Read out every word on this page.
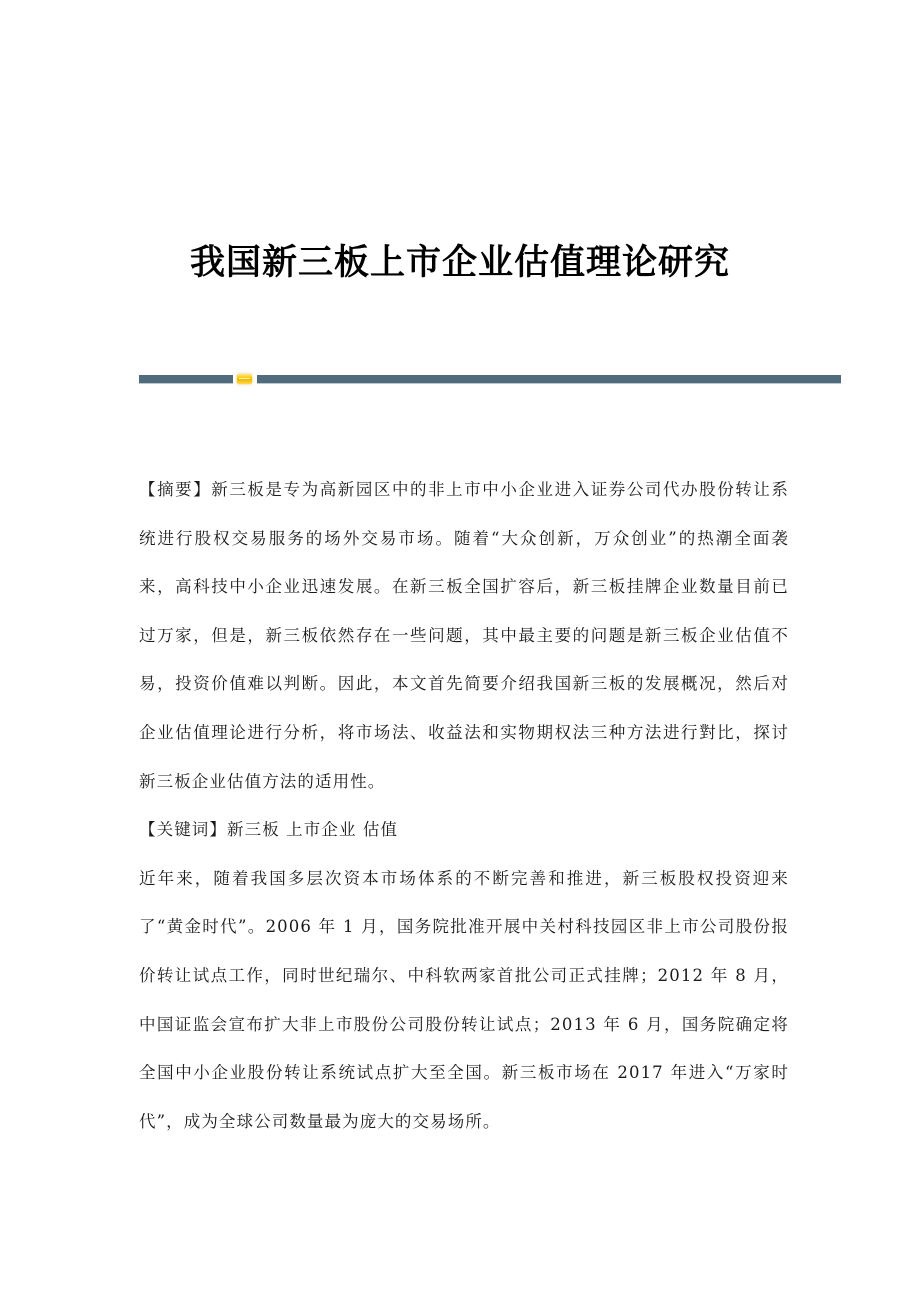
我国新三板上市企业估值理论研究

【摘要】新三板是专为高新园区中的非上市中小企业进入证券公司代办股份转让系统进行股权交易服务的场外交易市场。随着“大众创新，万众创业”的热潮全面袭来，高科技中小企业迅速发展。在新三板全国扩容后，新三板挂牌企业数量目前已过万家，但是，新三板依然存在一些问题，其中最主要的问题是新三板企业估值不易，投资价值难以判断。因此，本文首先简要介绍我国新三板的发展概况，然后对企业估值理论进行分析，将市场法、收益法和实物期权法三种方法进行對比，探讨新三板企业估值方法的适用性。

【关键词】新三板 上市企业 估值

近年来，随着我国多层次资本市场体系的不断完善和推进，新三板股权投资迎来了“黄金时代”。2006 年 1 月，国务院批准开展中关村科技园区非上市公司股份报价转让试点工作，同时世纪瑞尔、中科软两家首批公司正式挂牌；2012 年 8 月，中国证监会宣布扩大非上市股份公司股份转让试点；2013 年 6 月，国务院确定将全国中小企业股份转让系统试点扩大至全国。新三板市场在 2017 年进入“万家时代”，成为全球公司数量最为庞大的交易场所。
